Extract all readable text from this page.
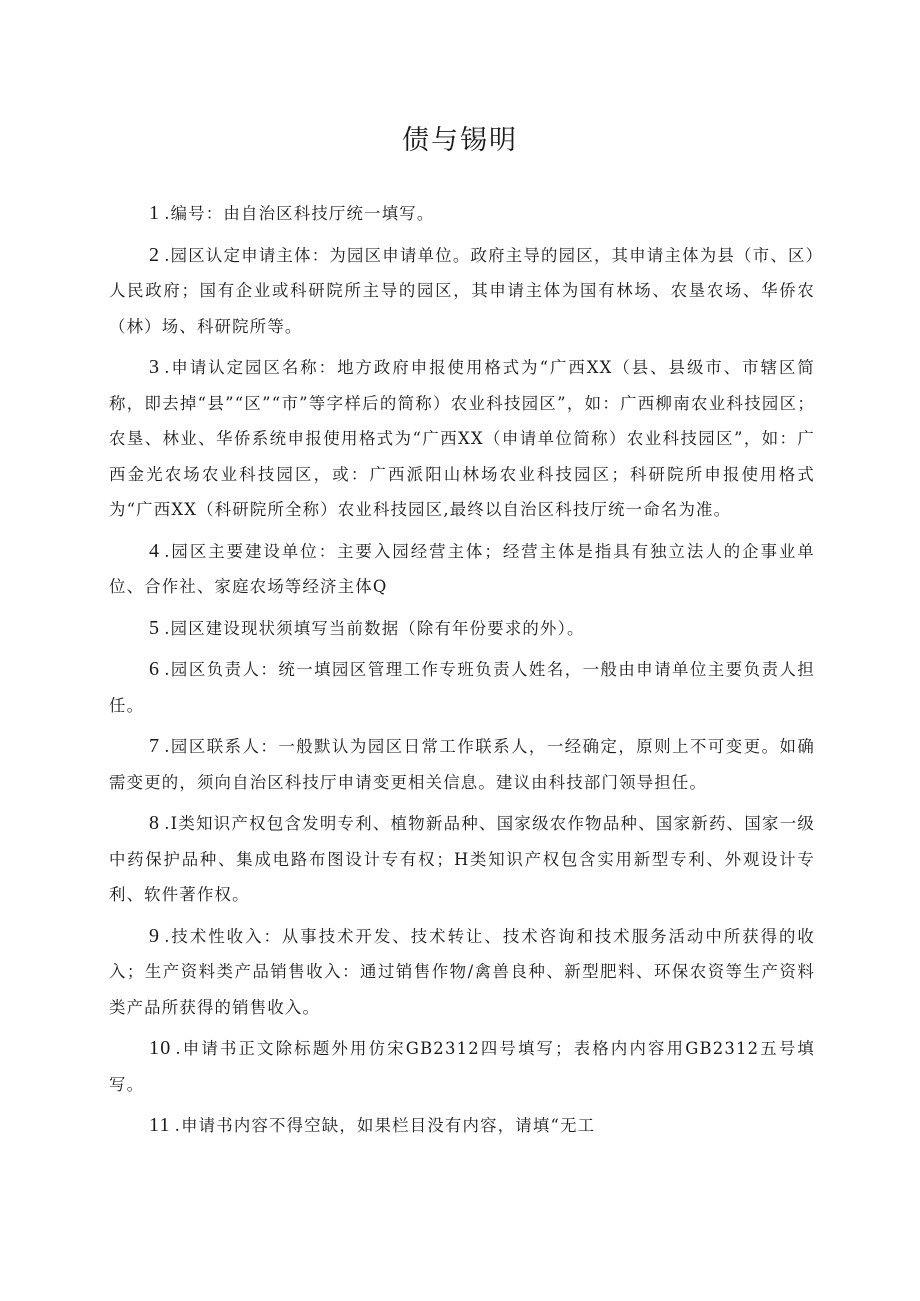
债与锡明

1 .编号：由自治区科技厅统一填写。

2 .园区认定申请主体：为园区申请单位。政府主导的园区，其申请主体为县（市、区）人民政府；国有企业或科研院所主导的园区，其申请主体为国有林场、农垦农场、华侨农（林）场、科研院所等。

3 .申请认定园区名称：地方政府申报使用格式为“广西XX（县、县级市、市辖区简称，即去掉“县”“区”“市”等字样后的简称）农业科技园区”，如：广西柳南农业科技园区；农垦、林业、华侨系统申报使用格式为“广西XX（申请单位简称）农业科技园区”，如：广西金光农场农业科技园区，或：广西派阳山林场农业科技园区；科研院所申报使用格式为“广西XX（科研院所全称）农业科技园区,最终以自治区科技厅统一命名为准。

4 .园区主要建设单位：主要入园经营主体；经营主体是指具有独立法人的企事业单位、合作社、家庭农场等经济主体Q

5 .园区建设现状须填写当前数据（除有年份要求的外）。

6 .园区负责人：统一填园区管理工作专班负责人姓名，一般由申请单位主要负责人担任。

7 .园区联系人：一般默认为园区日常工作联系人，一经确定，原则上不可变更。如确需变更的，须向自治区科技厅申请变更相关信息。建议由科技部门领导担任。

8 .I类知识产权包含发明专利、植物新品种、国家级农作物品种、国家新药、国家一级中药保护品种、集成电路布图设计专有权；H类知识产权包含实用新型专利、外观设计专利、软件著作权。

9 .技术性收入：从事技术开发、技术转让、技术咨询和技术服务活动中所获得的收入；生产资料类产品销售收入：通过销售作物/禽兽良种、新型肥料、环保农资等生产资料类产品所获得的销售收入。

10 .申请书正文除标题外用仿宋GB2312四号填写；表格内内容用GB2312五号填写。

11 .申请书内容不得空缺，如果栏目没有内容，请填“无工
